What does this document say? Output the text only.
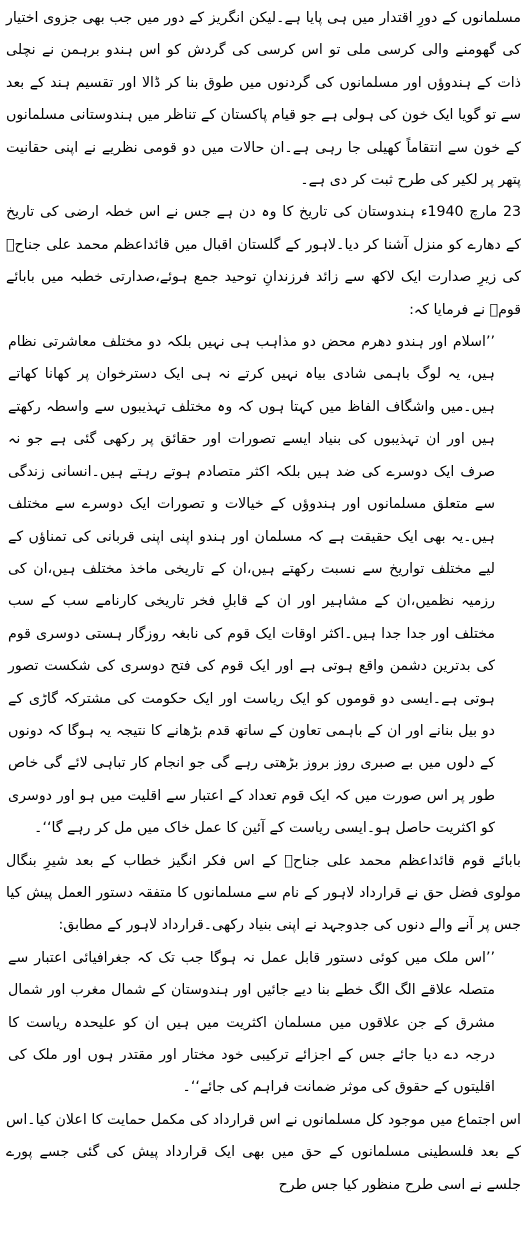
مسلمانوں کے دورِ اقتدار میں ہی پایا ہے۔لیکن انگریز کے دور میں جب بھی جزوی اختیار کی گھومنے والی کرسی ملی تو اس کرسی کی گردش کو اس ہندو برہمن نے نچلی ذات کے ہندوؤں اور مسلمانوں کی گردنوں میں طوق بنا کر ڈالا اور تقسیم ہند کے بعد سے تو گویا ایک خون کی ہولی ہے جو قیام پاکستان کے تناظر میں ہندوستانی مسلمانوں کے خون سے انتقاماً کھیلی جا رہی ہے۔ان حالات میں دو قومی نظریے نے اپنی حقانیت پتھر پر لکیر کی طرح ثبت کر دی ہے۔

23 مارچ 1940ء ہندوستان کی تاریخ کا وہ دن ہے جس نے اس خطہ ارضی کی تاریخ کے دھارے کو منزل آشنا کر دیا۔لاہور کے گلستان اقبال میں قائداعظم محمد علی جناحؒ کی زیرِ صدارت ایک لاکھ سے زائد فرزندانِ توحید جمع ہوئے،صدارتی خطبہ میں بابائے قومؒ نے فرمایا کہ:

’’اسلام اور ہندو دھرم محض دو مذاہب ہی نہیں بلکہ دو مختلف معاشرتی نظام ہیں، یہ لوگ باہمی شادی بیاہ نہیں کرتے نہ ہی ایک دسترخوان پر کھانا کھاتے ہیں۔میں واشگاف الفاظ میں کہتا ہوں کہ وہ مختلف تہذیبوں سے واسطہ رکھتے ہیں اور ان تہذیبوں کی بنیاد ایسے تصورات اور حقائق پر رکھی گئی ہے جو نہ صرف ایک دوسرے کی ضد ہیں بلکہ اکثر متصادم ہوتے رہتے ہیں۔انسانی زندگی سے متعلق مسلمانوں اور ہندوؤں کے خیالات و تصورات ایک دوسرے سے مختلف ہیں۔یہ بھی ایک حقیقت ہے کہ مسلمان اور ہندو اپنی اپنی قربانی کی تمناؤں کے لیے مختلف تواریخ سے نسبت رکھتے ہیں،ان کے تاریخی ماخذ مختلف ہیں،ان کی رزمیہ نظمیں،ان کے مشاہیر اور ان کے قابلِ فخر تاریخی کارنامے سب کے سب مختلف اور جدا جدا ہیں۔اکثر اوقات ایک قوم کی نابغہ روزگار ہستی دوسری قوم کی بدترین دشمن واقع ہوتی ہے اور ایک قوم کی فتح دوسری کی شکست تصور ہوتی ہے۔ایسی دو قوموں کو ایک ریاست اور ایک حکومت کی مشترکہ گاڑی کے دو بیل بنانے اور ان کے باہمی تعاون کے ساتھ قدم بڑھانے کا نتیجہ یہ ہوگا کہ دونوں کے دلوں میں بے صبری روز بروز بڑھتی رہے گی جو انجام کار تباہی لائے گی خاص طور پر اس صورت میں کہ ایک قوم تعداد کے اعتبار سے اقلیت میں ہو اور دوسری کو اکثریت حاصل ہو۔ایسی ریاست کے آئین کا عمل خاک میں مل کر رہے گا‘‘۔

بابائے قوم قائداعظم محمد علی جناحؒ کے اس فکر انگیز خطاب کے بعد شیرِ بنگال مولوی فضل حق نے قرارداد لاہور کے نام سے مسلمانوں کا متفقہ دستور العمل پیش کیا جس پر آنے والے دنوں کی جدوجہد نے اپنی بنیاد رکھی۔قرارداد لاہور کے مطابق:

’’اس ملک میں کوئی دستور قابل عمل نہ ہوگا جب تک کہ جغرافیائی اعتبار سے متصلہ علاقے الگ الگ خطے بنا دیے جائیں اور ہندوستان کے شمال مغرب اور شمال مشرق کے جن علاقوں میں مسلمان اکثریت میں ہیں ان کو علیحدہ ریاست کا درجہ دے دیا جائے جس کے اجزائے ترکیبی خود مختار اور مقتدر ہوں اور ملک کی اقلیتوں کے حقوق کی موثر ضمانت فراہم کی جائے‘‘۔

اس اجتماع میں موجود کل مسلمانوں نے اس قرارداد کی مکمل حمایت کا اعلان کیا۔اس کے بعد فلسطینی مسلمانوں کے حق میں بھی ایک قرارداد پیش کی گئی جسے پورے جلسے نے اسی طرح منظور کیا جس طرح
